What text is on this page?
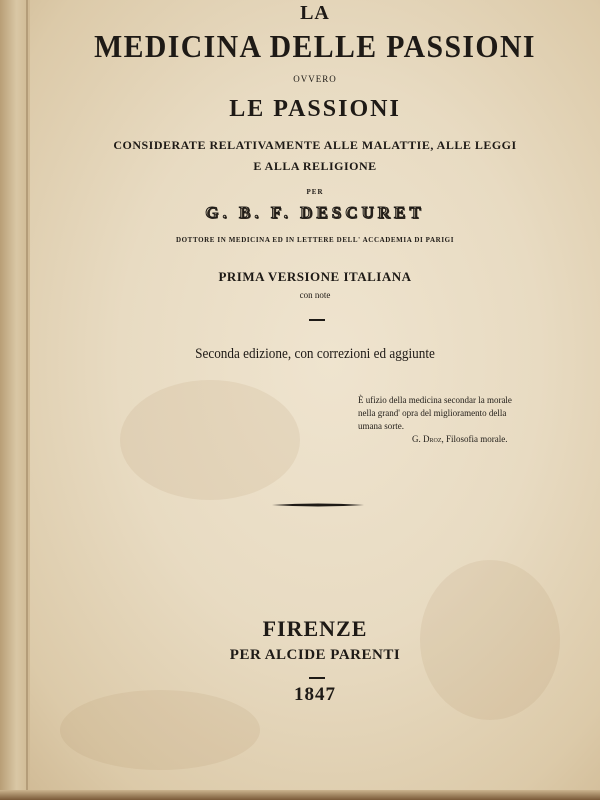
LA
MEDICINA DELLE PASSIONI
OVVERO
LE PASSIONI
CONSIDERATE RELATIVAMENTE ALLE MALATTIE, ALLE LEGGI
E ALLA RELIGIONE
PER
G. B. F. DESCURET
DOTTORE IN MEDICINA ED IN LETTERE DELL' ACCADEMIA DI PARIGI
PRIMA VERSIONE ITALIANA
con note
Seconda edizione, con correzioni ed aggiunte
È ufizio della medicina secondar la morale
nella grand' opra del miglioramento della
umana sorte.
G. Droz, Filosofia morale.
FIRENZE
PER ALCIDE PARENTI
1847
